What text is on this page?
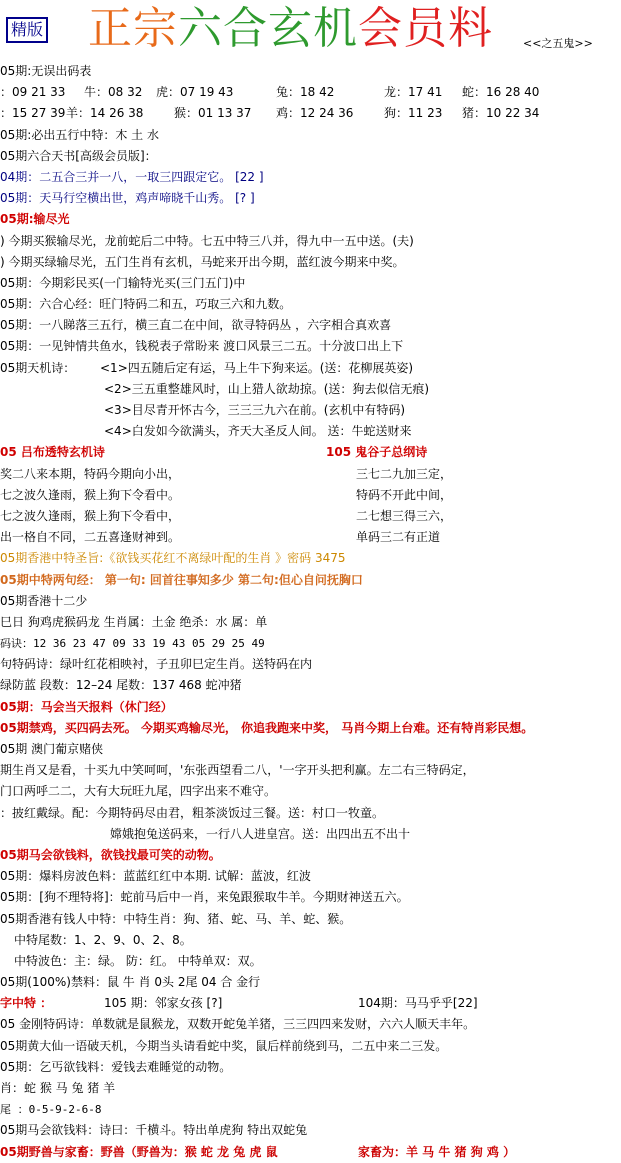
精版 正宗六合玄机会员料	<<之五鬼>>
05期:无误出码表
：09 21 33 牛：08 32 虎：07 19 43	兔：18 42	龙：17 41 蛇：16 28 40
：15 27 39 羊：14 26 38	猴：01 13 37 鸡：12 24 36	狗：11 23 猪：10 22 34
05期:必出五行中特：木 土 水
05期六合天书[高级会员版]：
04期：二五合三并一八，一取三四跟定它。 [22 ]
05期：天马行空横出世，鸡声啼晓千山秀。 [? ]
05期:输尽光
) 今期买猴输尽光，龙前蛇后二中特。七五中特三八并，得九中一五中送。(夫)
) 今期买绿输尽光，五门生肖有玄机，马蛇来开出今期，蓝红波今期来中奖。
05期：今期彩民买(一门输特光买(三门五门)中
05期：六合心经：旺门特码二和五，巧取三六和九数。
05期：一八睇落三五行，横三直二在中间，欲寻特码丛 ，六字相合真欢喜
05期：一见钟情共鱼水，钱税表子常盼来 渡口风景三二五。十分波口出上下
05期天机诗： <1>四五随后定有运，马上牛下狗来运。(送：花柳展英姿)
<2>三五重整雄风时，山上猎人欲劫掠。(送：狗去似信无痕)
<3>目尽青开怀古今，三三三九六在前。(玄机中有特码)
<4>白发如今欲满头，齐天大圣反人间。 送：牛蛇送财来
05 吕布透特玄机诗	105 鬼谷子总纲诗
奖二八来本期，特码今期向小出，	三七二九加三定，
七之波久逢雨，猴上狗下令看中。	特码不开此中间，
七之波久逢雨，猴上狗下令看中，	二七想三得三六，
出一格自不同，二五喜逢财神到。	单码三二有正道
05期香港中特圣旨:《欲钱买花红不离绿叶配的生肖 》密码 3475
05期中特两句经： 第一句: 回首往事知多少 第二句:但心自问抚胸口
05期香港十二少
巳日 狗鸡虎猴码龙 生肖属：土金 绝杀：水 属：单
码诀：12 36 23 47 09 33 19 43 05 29 25 49
句特码诗：绿叶红花相映衬，子丑卯巳定生肖。送特码在内
绿防蓝 段数：12–24 尾数：137 468 蛇冲猪
05期：马会当天报料（休门经）
05期禁鸡，买四码去死。 今期买鸡输尽光， 你追我跑来中奖， 马肖今期上台难。还有特肖彩民想。
05期 澳门葡京赌侠
期生肖又是看，十买九中笑呵呵，'东张西望看二八，'一字开头把利赢。左二右三特码定，
门口两呼二二，大有大玩旺九尾，四字出来不难守。
：披红戴绿。配：今期特码尽由君，粗茶淡饭过三餐。送：村口一牧童。
嫦娥抱兔送码来，一行八人进皇宫。送：出四出五不出十
05期马会欲钱料，欲钱找最可笑的动物。
05期：爆料房波色料：蓝蓝红红中本期. 试解：蓝波，红波
05期：[狗不理特将]：蛇前马后中一肖，来兔跟猴取牛羊。今期财神送五六。
05期香港有钱人中特：中特生肖：狗、猪、蛇、马、羊、蛇、猴。
中特尾数：1、2、9、0、2、8。
中特波色：主：绿。 防：红。 中特单双：双。
05期(100%)禁料：鼠 牛 肖 0头 2尾 04 合 金行
字中特 ：	105 期：邻家女孩 [?]	104期：马马乎乎[22]
05 金刚特码诗：单数就是鼠猴龙，双数开蛇兔羊猪，三三四四来发财，六六人顺天丰年。
05期黄大仙一语破天机，今期当头请看蛇中奖，鼠后样前绕到马，二五中来二三发。
05期：乞丐欲钱料：爱钱去难睡觉的动物。
肖：蛇 猴 马 兔 猪 羊
尾 ：0-5-9-2-6-8
05期马会欲钱料：诗曰：千横斗。特出单虎狗 特出双蛇兔
05期野兽与家畜：野兽（野兽为：猴 蛇 龙 兔 虎 鼠	家畜为：羊 马 牛 猪 狗 鸡 ）
